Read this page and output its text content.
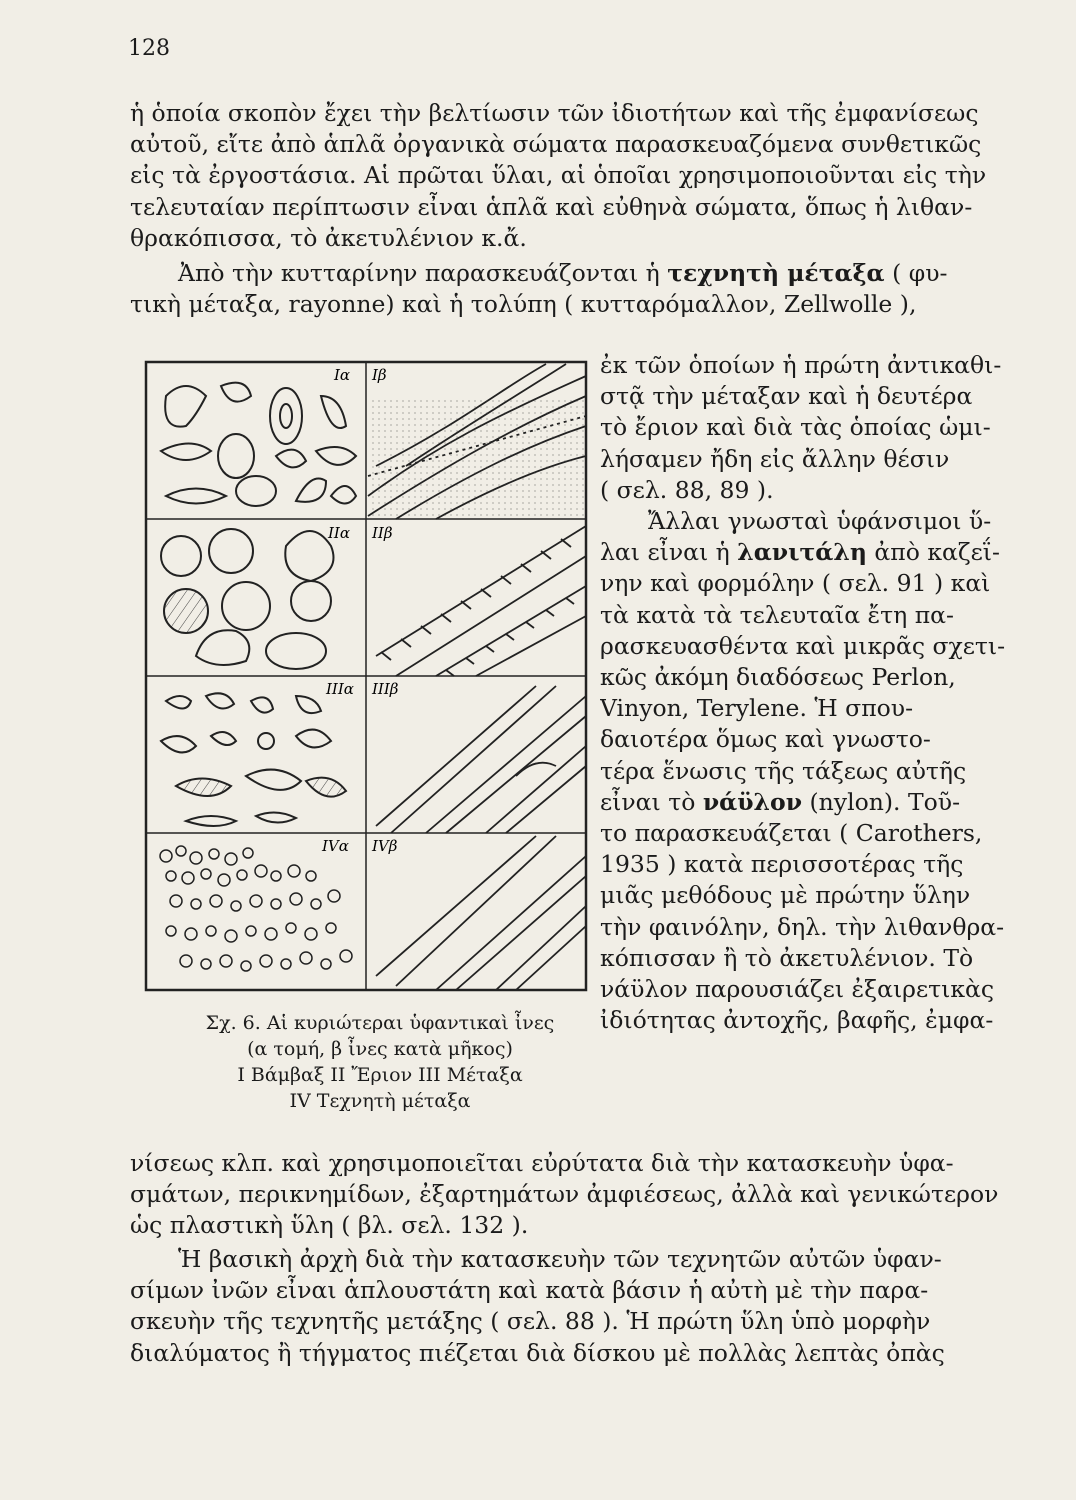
128
ἡ ὁποία σκοπὸν ἔχει τὴν βελτίωσιν τῶν ἰδιοτήτων καὶ τῆς ἐμφανίσεως
αὐτοῦ, εἴτε ἀπὸ ἁπλᾶ ὀργανικὰ σώματα παρασκευαζόμενα συνθετικῶς
εἰς τὰ ἐργοστάσια. Αἱ πρῶται ὕλαι, αἱ ὁποῖαι χρησιμοποιοῦνται εἰς τὴν
τελευταίαν περίπτωσιν εἶναι ἁπλᾶ καὶ εὐθηνὰ σώματα, ὅπως ἡ λιθαν-
θρακόπισσα, τὸ ἀκετυλένιον κ.ἄ.
Ἀπὸ τὴν κυτταρίνην παρασκευάζονται ἡ τεχνητὴ μέταξα ( φυ-
τικὴ μέταξα, rayonne) καὶ ἡ τολύπη ( κυτταρόμαλλον, Zellwolle ),
Ια Ιβ
ΙΙα ΙΙβ
ΙΙΙα ΙΙΙβ
ΙVα ΙVβ
Σχ. 6. Αἱ κυριώτεραι ὑφαντικαὶ ἶνες
(α τομή, β ἶνες κατὰ μῆκος)
Ι Βάμβαξ ΙΙ Ἔριον ΙΙΙ Μέταξα
ΙV Τεχνητὴ μέταξα
ἐκ τῶν ὁποίων ἡ πρώτη ἀντικαθι-
στᾷ τὴν μέταξαν καὶ ἡ δευτέρα
τὸ ἔριον καὶ διὰ τὰς ὁποίας ὡμι-
λήσαμεν ἤδη εἰς ἄλλην θέσιν
( σελ. 88, 89 ).
Ἄλλαι γνωσταὶ ὑφάνσιμοι ὕ-
λαι εἶναι ἡ λανιτάλη ἀπὸ καζεΐ-
νην καὶ φορμόλην ( σελ. 91 ) καὶ
τὰ κατὰ τὰ τελευταῖα ἔτη πα-
ρασκευασθέντα καὶ μικρᾶς σχετι-
κῶς ἀκόμη διαδόσεως Perlon,
Vinyon, Terylene. Ἡ σπου-
δαιοτέρα ὅμως καὶ γνωστο-
τέρα ἕνωσις τῆς τάξεως αὐτῆς
εἶναι τὸ νάϋλον (nylon). Τοῦ-
το παρασκευάζεται ( Carothers,
1935 ) κατὰ περισσοτέρας τῆς
μιᾶς μεθόδους μὲ πρώτην ὕλην
τὴν φαινόλην, δηλ. τὴν λιθανθρα-
κόπισσαν ἢ τὸ ἀκετυλένιον. Τὸ
νάϋλον παρουσιάζει ἐξαιρετικὰς
ἰδιότητας ἀντοχῆς, βαφῆς, ἐμφα-
νίσεως κλπ. καὶ χρησιμοποιεῖται εὐρύτατα διὰ τὴν κατασκευὴν ὑφα-
σμάτων, περικνημίδων, ἐξαρτημάτων ἀμφιέσεως, ἀλλὰ καὶ γενικώτερον
ὡς πλαστικὴ ὕλη ( βλ. σελ. 132 ).
Ἡ βασικὴ ἀρχὴ διὰ τὴν κατασκευὴν τῶν τεχνητῶν αὐτῶν ὑφαν-
σίμων ἰνῶν εἶναι ἁπλουστάτη καὶ κατὰ βάσιν ἡ αὐτὴ μὲ τὴν παρα-
σκευὴν τῆς τεχνητῆς μετάξης ( σελ. 88 ). Ἡ πρώτη ὕλη ὑπὸ μορφὴν
διαλύματος ἢ τήγματος πιέζεται διὰ δίσκου μὲ πολλὰς λεπτὰς ὀπὰς
